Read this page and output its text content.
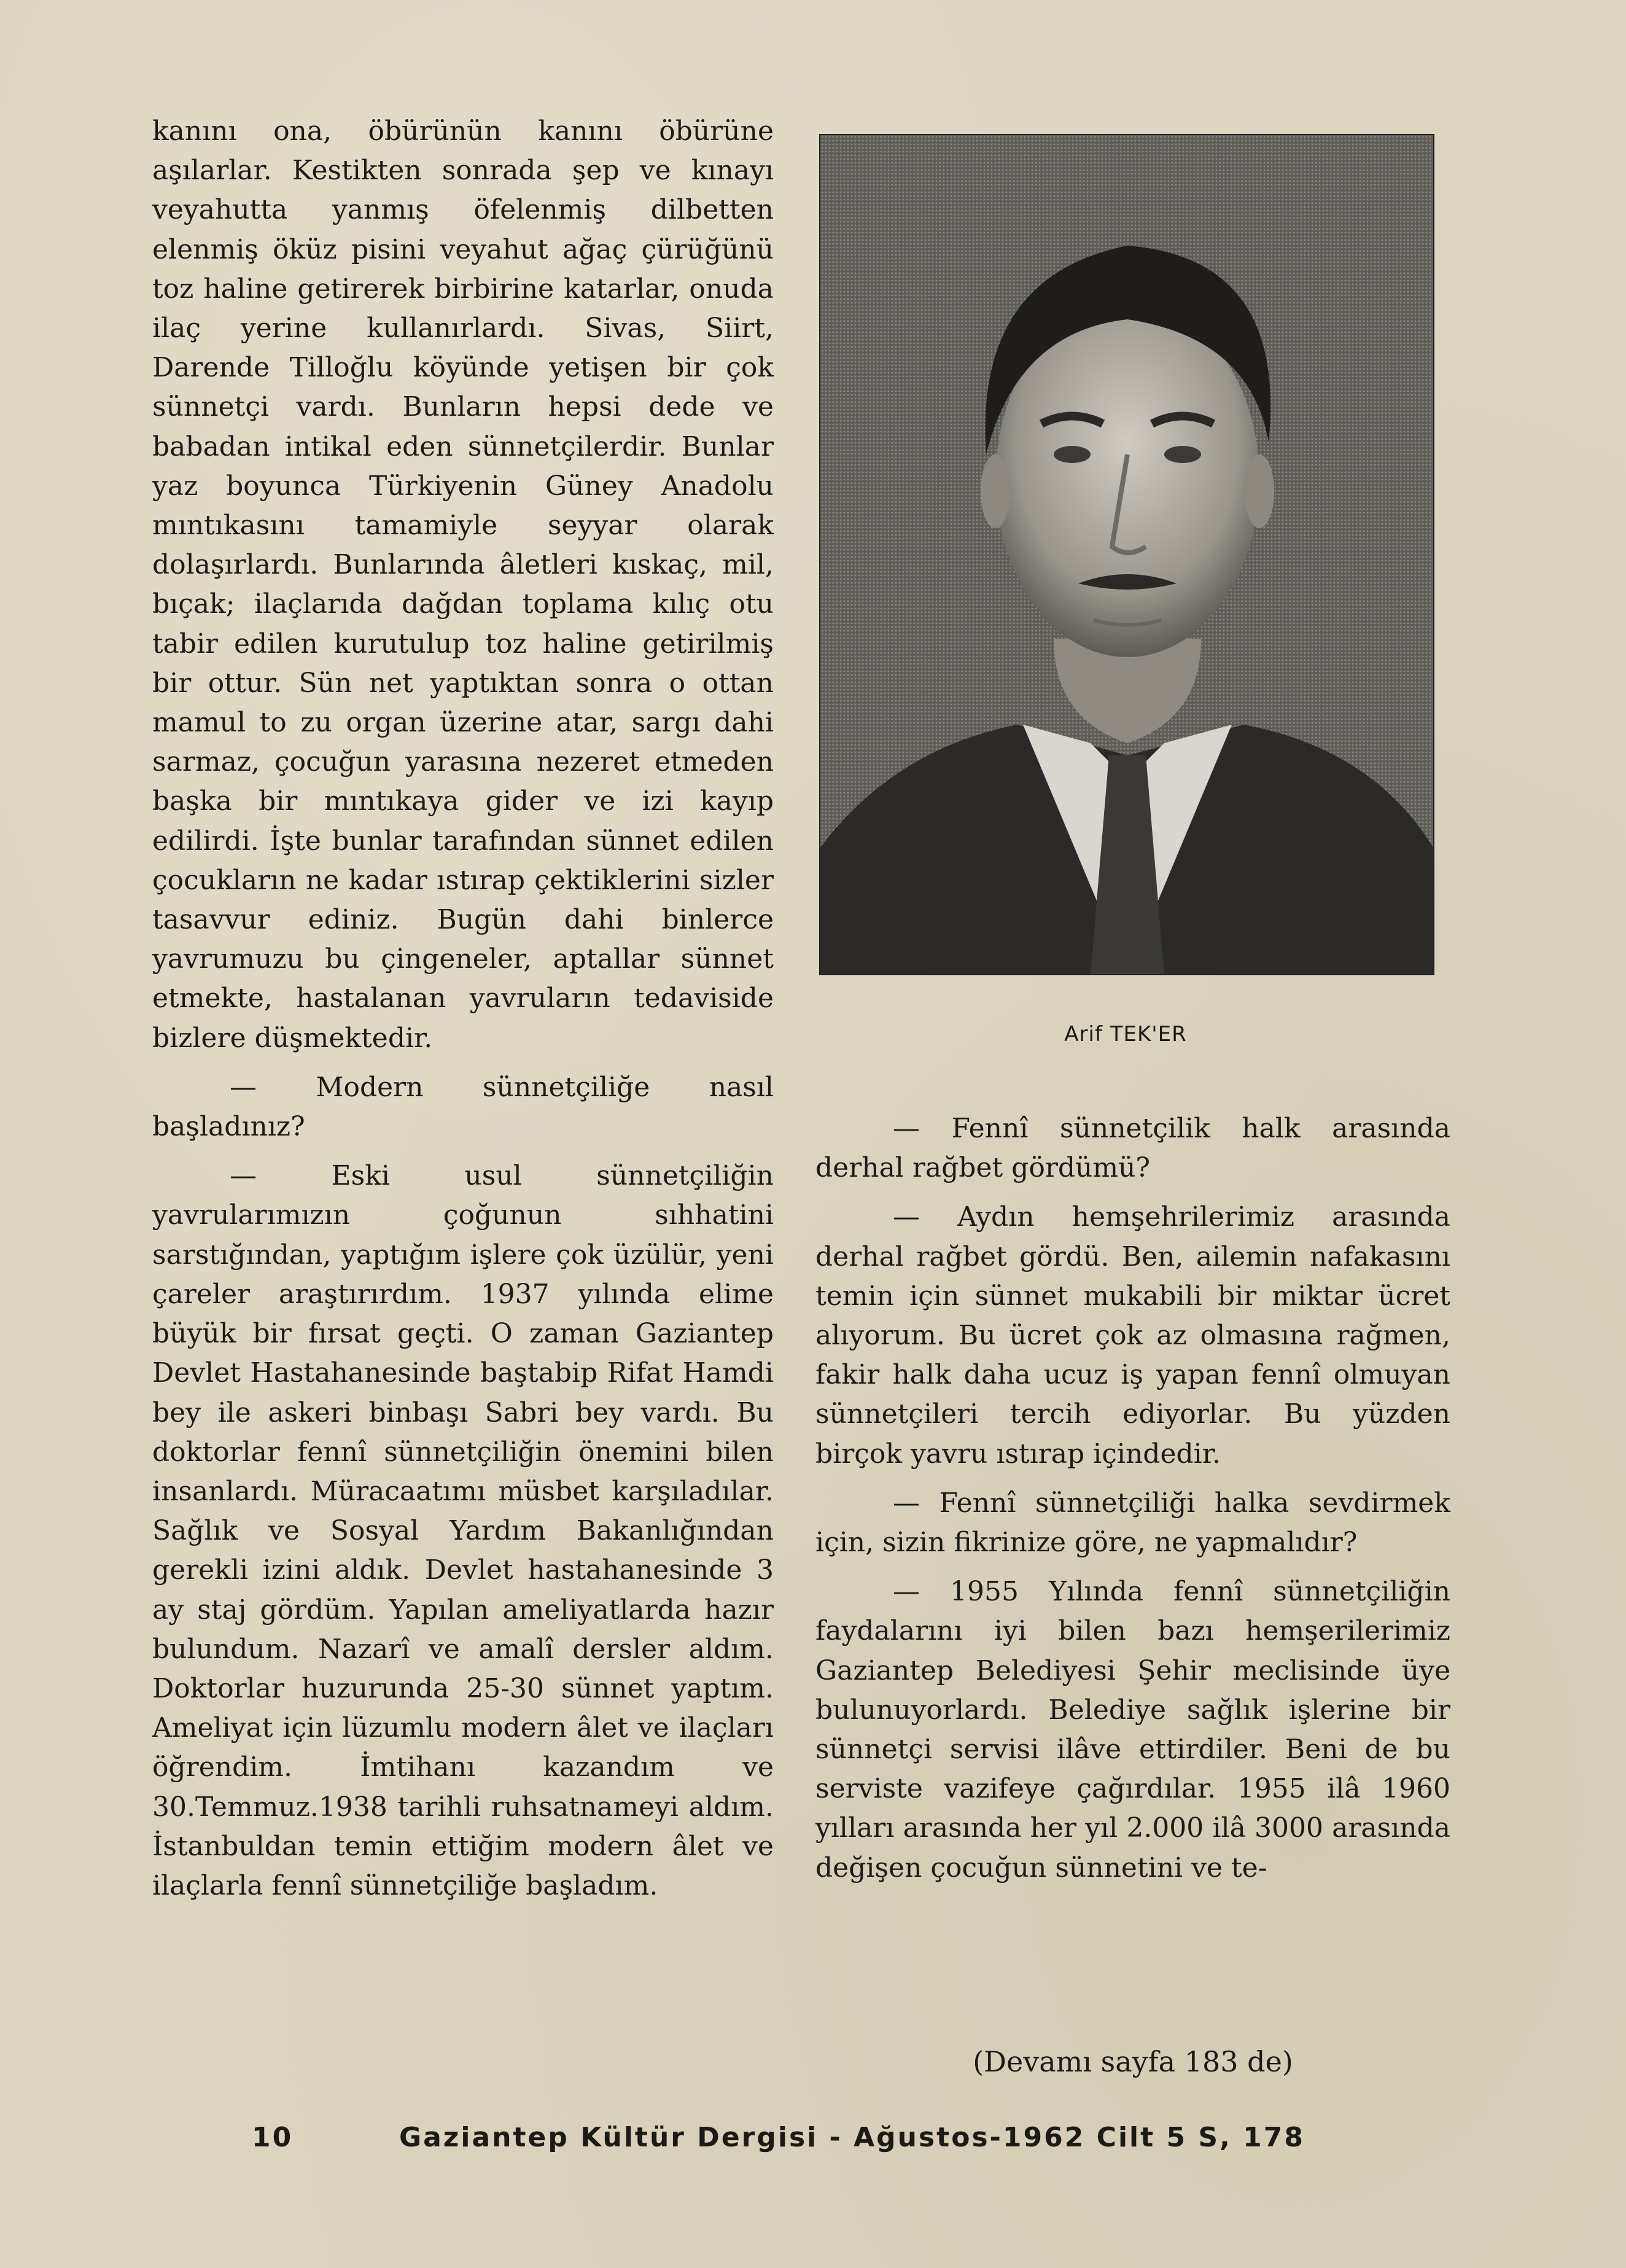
kanını ona, öbürünün kanını öbürüne aşılarlar. Kestikten sonrada şep ve kınayı veyahutta yanmış öfelenmiş dilbetten elenmiş öküz pisini veyahut ağaç çürüğünü toz haline getirerek birbirine katarlar, onuda ilaç yerine kullanırlardı. Sivas, Siirt, Darende Tilloğlu köyünde yetişen bir çok sünnetçi vardı. Bunların hepsi dede ve babadan intikal eden sünnetçilerdir. Bunlar yaz boyunca Türkiyenin Güney Anadolu mıntıkasını tamamiyle seyyar olarak dolaşırlardı. Bunlarında âletleri kıskaç, mil, bıçak; ilaçlarıda dağdan toplama kılıç otu tabir edilen kurutulup toz haline getirilmiş bir ottur. Sün net yaptıktan sonra o ottan mamul to zu organ üzerine atar, sargı dahi sarmaz, çocuğun yarasına nezeret etmeden başka bir mıntıkaya gider ve izi kayıp edilirdi. İşte bunlar tarafından sünnet edilen çocukların ne kadar ıstırap çektiklerini sizler tasavvur ediniz. Bugün dahi binlerce yavrumuzu bu çingeneler, aptallar sünnet etmekte, hastalanan yavruların tedaviside bizlere düşmektedir.

— Modern sünnetçiliğe nasıl başladınız?

— Eski usul sünnetçiliğin yavrularımızın çoğunun sıhhatini sarstığından, yaptığım işlere çok üzülür, yeni çareler araştırırdım. 1937 yılında elime büyük bir fırsat geçti. O zaman Gaziantep Devlet Hastahanesinde baştabip Rifat Hamdi bey ile askeri binbaşı Sabri bey vardı. Bu doktorlar fennî sünnetçiliğin önemini bilen insanlardı. Müracaatımı müsbet karşıladılar. Sağlık ve Sosyal Yardım Bakanlığından gerekli izini aldık. Devlet hastahanesinde 3 ay staj gördüm. Yapılan ameliyatlarda hazır bulundum. Nazarî ve amalî dersler aldım. Doktorlar huzurunda 25-30 sünnet yaptım. Ameliyat için lüzumlu modern âlet ve ilaçları öğrendim. İmtihanı kazandım ve 30.Temmuz.1938 tarihli ruhsatnameyi aldım. İstanbuldan temin ettiğim modern âlet ve ilaçlarla fennî sünnetçiliğe başladım.

Arif TEK'ER

— Fennî sünnetçilik halk arasında derhal rağbet gördümü?

— Aydın hemşehrilerimiz arasında derhal rağbet gördü. Ben, ailemin nafakasını temin için sünnet mukabili bir miktar ücret alıyorum. Bu ücret çok az olmasına rağmen, fakir halk daha ucuz iş yapan fennî olmuyan sünnetçileri tercih ediyorlar. Bu yüzden birçok yavru ıstırap içindedir.

— Fennî sünnetçiliği halka sevdirmek için, sizin fikrinize göre, ne yapmalıdır?

— 1955 Yılında fennî sünnetçiliğin faydalarını iyi bilen bazı hemşerilerimiz Gaziantep Belediyesi Şehir meclisinde üye bulunuyorlardı. Belediye sağlık işlerine bir sünnetçi servisi ilâve ettirdiler. Beni de bu serviste vazifeye çağırdılar. 1955 ilâ 1960 yılları arasında her yıl 2.000 ilâ 3000 arasında değişen çocuğun sünnetini ve te-

(Devamı sayfa 183 de)
10	Gaziantep Kültür Dergisi - Ağustos-1962 Cilt 5 S, 178
